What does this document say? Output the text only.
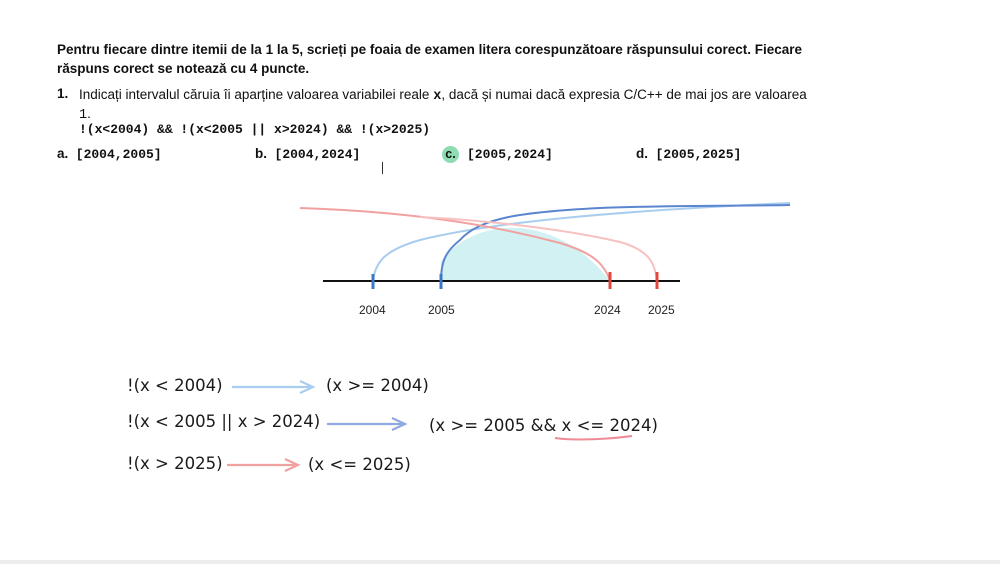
Pentru fiecare dintre itemii de la 1 la 5, scrieți pe foaia de examen litera corespunzătoare răspunsului corect. Fiecare răspuns corect se notează cu 4 puncte.
1. Indicați intervalul căruia îi aparține valoarea variabilei reale x, dacă și numai dacă expresia C/C++ de mai jos are valoarea 1.
!(x<2004) && !(x<2005 || x>2024) && !(x>2025)
a. [2004,2005]	b. [2004,2024]	c. [2005,2024]	d. [2005,2025]
2004	2005	2024 2025
!(x < 2004)	(x >= 2004)
!(x < 2005 || x > 2024)	(x >= 2005 && x <= 2024)
!(x > 2025)	(x <= 2025)
